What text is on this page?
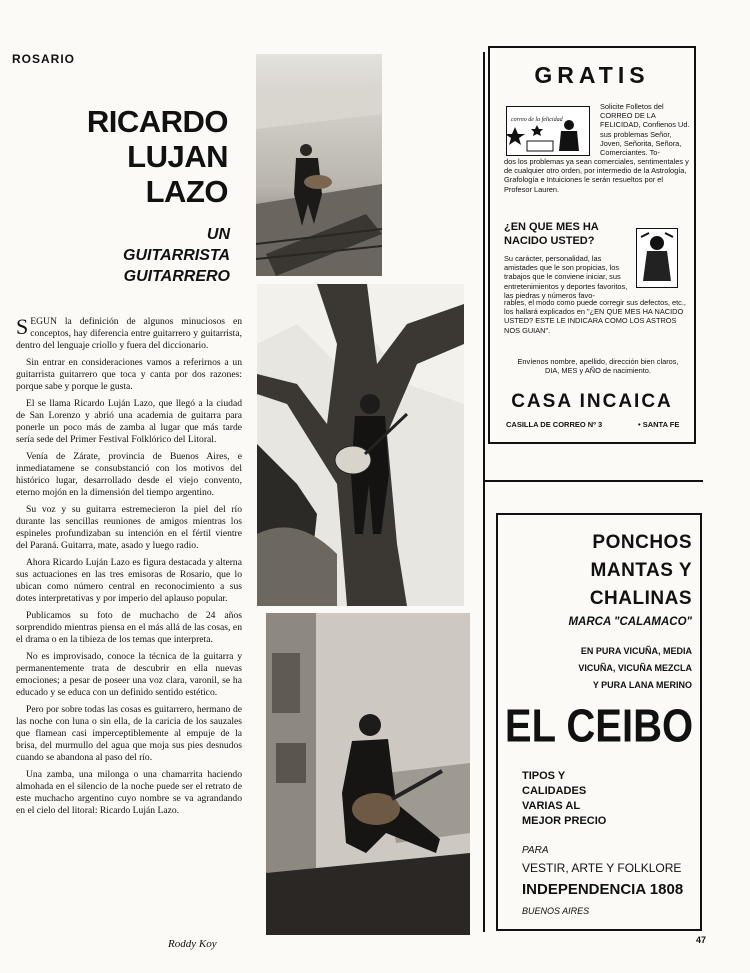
ROSARIO
RICARDO
LUJAN
LAZO
UN
GUITARRISTA
GUITARRERO

SEGUN la definición de algunos minuciosos en conceptos, hay diferencia entre guitarrero y guitarrista, dentro del lenguaje criollo y fuera del diccionario.

Sin entrar en consideraciones vamos a referirnos a un guitarrista guitarrero que toca y canta por dos razones: porque sabe y porque le gusta.

El se llama Ricardo Luján Lazo, que llegó a la ciudad de San Lorenzo y abrió una academia de guitarra para ponerle un poco más de zamba al lugar que más tarde sería sede del Primer Festival Folklórico del Litoral.

Venía de Zárate, provincia de Buenos Aires, e inmediatamene se consubstanció con los motivos del histórico lugar, desarrollado desde el viejo convento, eterno mojón en la dimensión del tiempo argentino.

Su voz y su guitarra estremecieron la piel del río durante las sencillas reuniones de amigos mientras los espineles profundizaban su intención en el fértil vientre del Paraná. Guitarra, mate, asado y luego radio.

Ahora Ricardo Luján Lazo es figura destacada y alterna sus actuaciones en las tres emisoras de Rosario, que lo ubican como número central en reconocimiento a sus dotes interpretativas y por imperio del aplauso popular.

Publicamos su foto de muchacho de 24 años sorprendido mientras piensa en el más allá de las cosas, en el drama o en la tibieza de los temas que interpreta.

No es improvisado, conoce la técnica de la guitarra y permanentemente trata de descubrir en ella nuevas emociones; a pesar de poseer una voz clara, varonil, se ha educado y se educa con un definido sentido estético.

Pero por sobre todas las cosas es guitarrero, hermano de las noche con luna o sin ella, de la caricia de los sauzales que flamean casi imperceptiblemente al empuje de la brisa, del murmullo del agua que moja sus pies desnudos cuando se abandona al paso del río.

Una zamba, una milonga o una chamarrita haciendo almohada en el silencio de la noche puede ser el retrato de este muchacho argentino cuyo nombre se va agrandando en el cielo del litoral: Ricardo Luján Lazo.

Roddy Koy
GRATIS
correo de la felicidad
Solicite Folletos del CORREO DE LA FELICIDAD, Confienos Ud. sus problemas Señor, Joven, Señorita, Señora, Comerciantes. To-
dos los problemas ya sean comerciales, sentimentales y de cualquier otro orden, por intermedio de la Astrología, Grafología e Intuiciones le serán resueltos por el Profesor Lauren.
¿EN QUE MES HA NACIDO USTED?
Su carácter, personalidad, las amistades que le son propicias, los trabajos que le conviene iniciar, sus entretenimientos y deportes favoritos, las piedras y números favo-
rables, el modo como puede corregir sus defectos, etc., los hallará explicados en "¿EN QUE MES HA NACIDO USTED? ESTE LE INDICARA COMO LOS ASTROS NOS GUIAN".
Envíenos nombre, apellido, dirección bien claros, DIA, MES y AÑO de nacimiento.
CASA INCAICA
CASILLA DE CORREO Nº 3	• SANTA FE
PONCHOS
MANTAS Y
CHALINAS
MARCA "CALAMACO"
EN PURA VICUÑA, MEDIA
VICUÑA, VICUÑA MEZCLA
Y PURA LANA MERINO
EL CEIBO
TIPOS Y
CALIDADES
VARIAS AL
MEJOR PRECIO
PARA
VESTIR, ARTE Y FOLKLORE
INDEPENDENCIA 1808
BUENOS AIRES
47
